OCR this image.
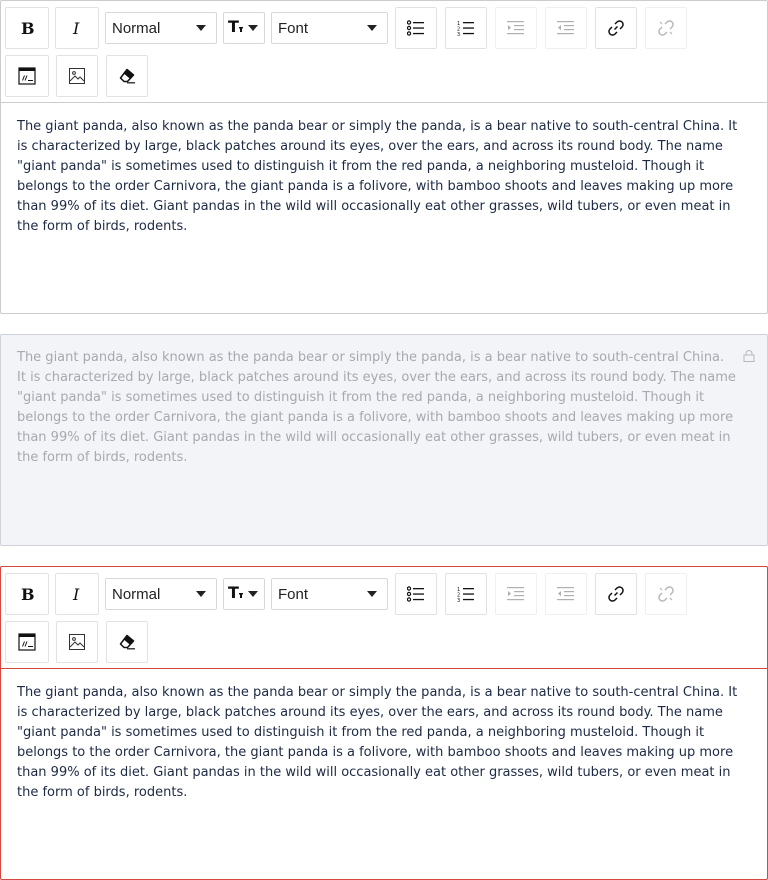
B I	Normal	T	Font	1
2
3
The giant panda, also known as the panda bear or simply the panda, is a bear native to south-central China. It is characterized by large, black patches around its eyes, over the ears, and across its round body. The name "giant panda" is sometimes used to distinguish it from the red panda, a neighboring musteloid. Though it belongs to the order Carnivora, the giant panda is a folivore, with bamboo shoots and leaves making up more than 99% of its diet. Giant pandas in the wild will occasionally eat other grasses, wild tubers, or even meat in the form of birds, rodents.
The giant panda, also known as the panda bear or simply the panda, is a bear native to south-central China. It is characterized by large, black patches around its eyes, over the ears, and across its round body. The name "giant panda" is sometimes used to distinguish it from the red panda, a neighboring musteloid. Though it belongs to the order Carnivora, the giant panda is a folivore, with bamboo shoots and leaves making up more than 99% of its diet. Giant pandas in the wild will occasionally eat other grasses, wild tubers, or even meat in the form of birds, rodents.
B I	Normal	T	Font	1
2
3
The giant panda, also known as the panda bear or simply the panda, is a bear native to south-central China. It is characterized by large, black patches around its eyes, over the ears, and across its round body. The name "giant panda" is sometimes used to distinguish it from the red panda, a neighboring musteloid. Though it belongs to the order Carnivora, the giant panda is a folivore, with bamboo shoots and leaves making up more than 99% of its diet. Giant pandas in the wild will occasionally eat other grasses, wild tubers, or even meat in the form of birds, rodents.
